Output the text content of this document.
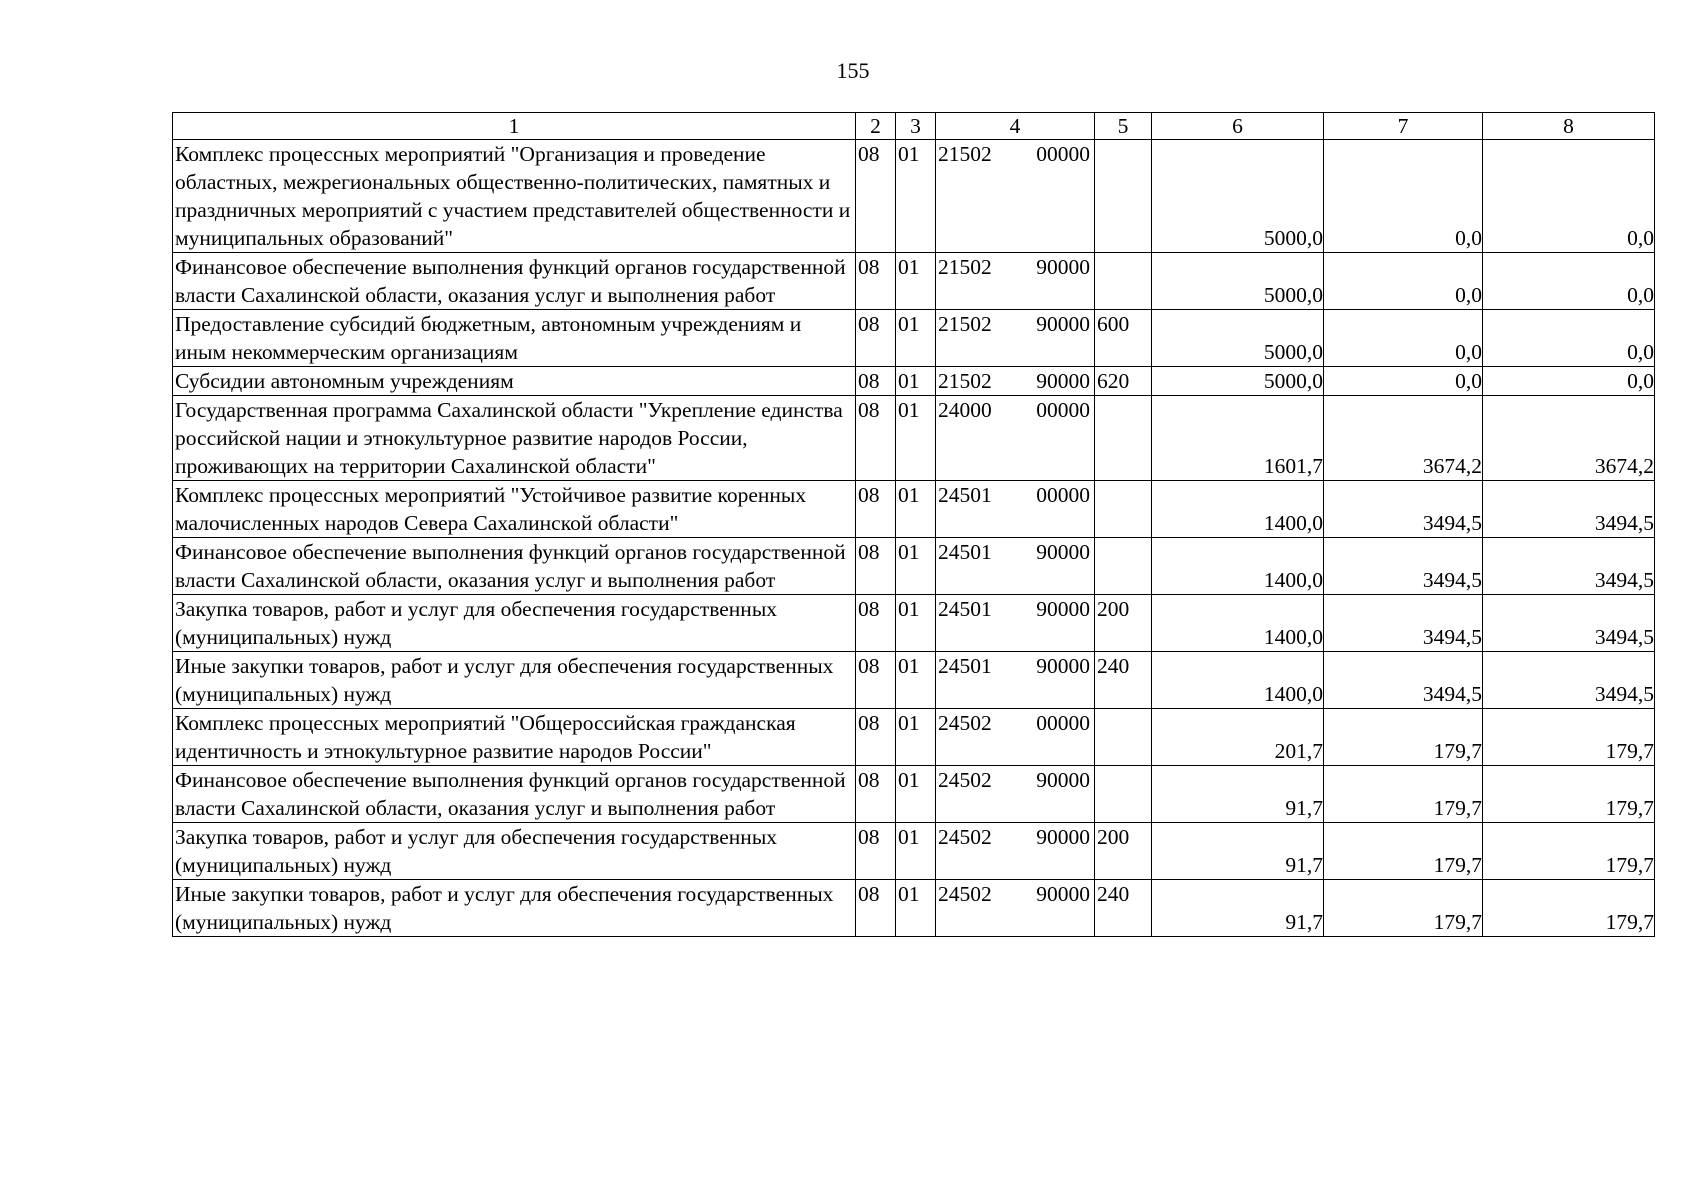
155
1	2	3	4	5	6	7	8
Комплекс процессных мероприятий "Организация и проведение областных, межрегиональных общественно-политических, памятных и праздничных мероприятий с участием представителей общественности и муниципальных образований"	08	01	21502 00000		5000,0	0,0	0,0
Финансовое обеспечение выполнения функций органов государственной власти Сахалинской области, оказания услуг и выполнения работ	08	01	21502 90000		5000,0	0,0	0,0
Предоставление субсидий бюджетным, автономным учреждениям и иным некоммерческим организациям	08	01	21502 90000	600	5000,0	0,0	0,0
Субсидии автономным учреждениям	08	01	21502 90000	620	5000,0	0,0	0,0
Государственная программа Сахалинской области "Укрепление единства российской нации и этнокультурное развитие народов России, проживающих на территории Сахалинской области"	08	01	24000 00000		1601,7	3674,2	3674,2
Комплекс процессных мероприятий "Устойчивое развитие коренных малочисленных народов Севера Сахалинской области"	08	01	24501 00000		1400,0	3494,5	3494,5
Финансовое обеспечение выполнения функций органов государственной власти Сахалинской области, оказания услуг и выполнения работ	08	01	24501 90000		1400,0	3494,5	3494,5
Закупка товаров, работ и услуг для обеспечения государственных (муниципальных) нужд	08	01	24501 90000	200	1400,0	3494,5	3494,5
Иные закупки товаров, работ и услуг для обеспечения государственных (муниципальных) нужд	08	01	24501 90000	240	1400,0	3494,5	3494,5
Комплекс процессных мероприятий "Общероссийская гражданская идентичность и этнокультурное развитие народов России"	08	01	24502 00000		201,7	179,7	179,7
Финансовое обеспечение выполнения функций органов государственной власти Сахалинской области, оказания услуг и выполнения работ	08	01	24502 90000		91,7	179,7	179,7
Закупка товаров, работ и услуг для обеспечения государственных (муниципальных) нужд	08	01	24502 90000	200	91,7	179,7	179,7
Иные закупки товаров, работ и услуг для обеспечения государственных (муниципальных) нужд	08	01	24502 90000	240	91,7	179,7	179,7
